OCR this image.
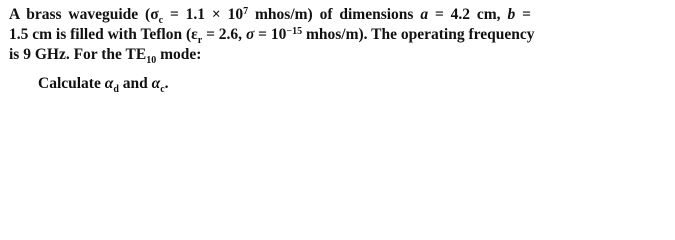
A brass waveguide ($\sigma_c = 1.1 \times 10^7$ mhos/m) of dimensions a = 4.2 cm, b =
1.5 cm is filled with Teflon ($\varepsilon_r = 2.6$, $\sigma = 10^{-15}$ mhos/m). The operating frequency
is 9 GHz. For the $TE_{10}$ mode:
Calculate $\alpha_d$ and $\alpha_c$.
